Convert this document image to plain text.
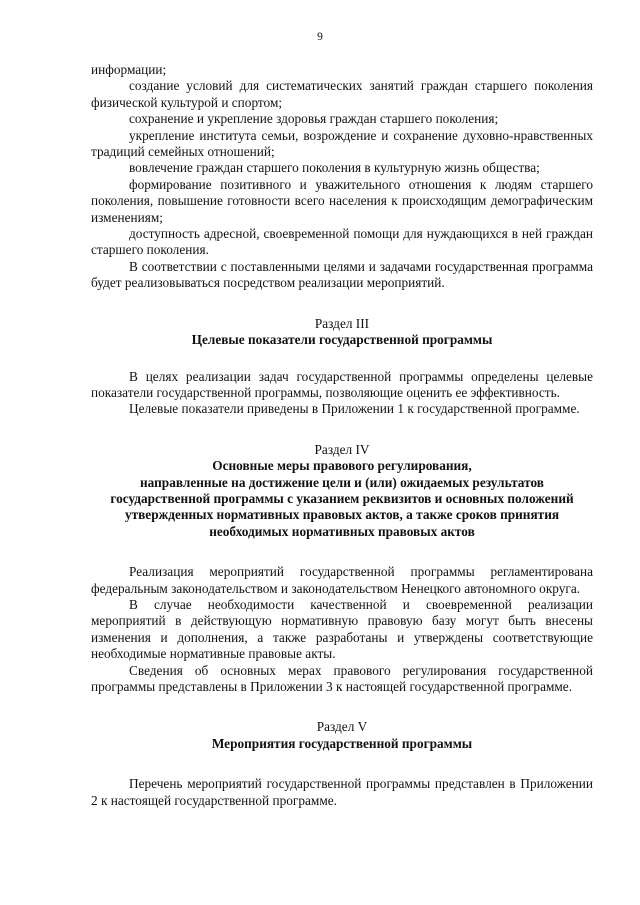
9

информации;

создание условий для систематических занятий граждан старшего поколения физической культурой и спортом;

сохранение и укрепление здоровья граждан старшего поколения;

укрепление института семьи, возрождение и сохранение духовно-нравственных традиций семейных отношений;

вовлечение граждан старшего поколения в культурную жизнь общества;

формирование позитивного и уважительного отношения к людям старшего поколения, повышение готовности всего населения к происходящим демографическим изменениям;

доступность адресной, своевременной помощи для нуждающихся в ней граждан старшего поколения.

В соответствии с поставленными целями и задачами государственная программа будет реализовываться посредством реализации мероприятий.

Раздел III

Целевые показатели государственной программы

В целях реализации задач государственной программы определены целевые показатели государственной программы, позволяющие оценить ее эффективность.

Целевые показатели приведены в Приложении 1 к государственной программе.

Раздел IV

Основные меры правового регулирования,

направленные на достижение цели и (или) ожидаемых результатов

государственной программы с указанием реквизитов и основных положений

утвержденных нормативных правовых актов, а также сроков принятия

необходимых нормативных правовых актов

Реализация мероприятий государственной программы регламентирована федеральным законодательством и законодательством Ненецкого автономного округа.

В случае необходимости качественной и своевременной реализации мероприятий в действующую нормативную правовую базу могут быть внесены изменения и дополнения, а также разработаны и утверждены соответствующие необходимые нормативные правовые акты.

Сведения об основных мерах правового регулирования государственной программы представлены в Приложении 3 к настоящей государственной программе.

Раздел V

Мероприятия государственной программы

Перечень мероприятий государственной программы представлен в Приложении 2 к настоящей государственной программе.
